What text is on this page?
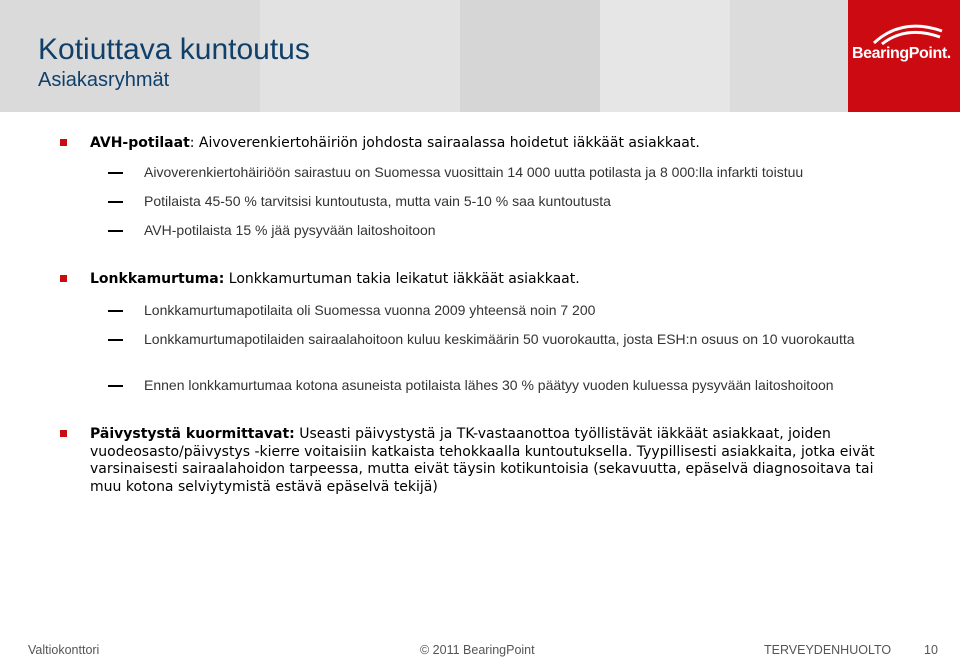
BearingPoint.
Kotiuttava kuntoutus
Asiakasryhmät
AVH-potilaat: Aivoverenkiertohäiriön johdosta sairaalassa hoidetut iäkkäät asiakkaat.
Aivoverenkiertohäiriöön sairastuu on Suomessa vuosittain 14 000 uutta potilasta ja 8 000:lla infarkti toistuu
Potilaista 45-50 % tarvitsisi kuntoutusta, mutta vain 5-10 % saa kuntoutusta
AVH-potilaista 15 % jää pysyvään laitoshoitoon
Lonkkamurtuma: Lonkkamurtuman takia leikatut iäkkäät asiakkaat.
Lonkkamurtumapotilaita oli Suomessa vuonna 2009 yhteensä noin 7 200
Lonkkamurtumapotilaiden sairaalahoitoon kuluu keskimäärin 50 vuorokautta, josta ESH:n osuus on 10 vuorokautta
Ennen lonkkamurtumaa kotona asuneista potilaista lähes 30 % päätyy vuoden kuluessa pysyvään laitoshoitoon
Päivystystä kuormittavat: Useasti päivystystä ja TK-vastaanottoa työllistävät iäkkäät asiakkaat, joiden vuodeosasto/päivystys -kierre voitaisiin katkaista tehokkaalla kuntoutuksella. Tyypillisesti asiakkaita, jotka eivät varsinaisesti sairaalahoidon tarpeessa, mutta eivät täysin kotikuntoisia (sekavuutta, epäselvä diagnosoitava tai muu kotona selviytymistä estävä epäselvä tekijä)
Valtiokonttori	© 2011 BearingPoint	TERVEYDENHUOLTO	10
